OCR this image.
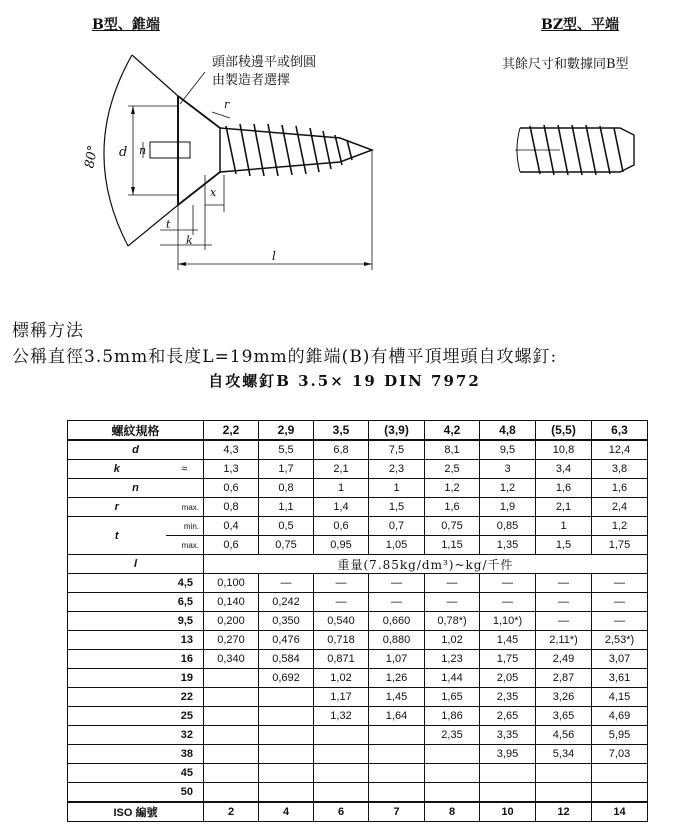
B型、錐端	BZ型、平端
頭部稜邊平或倒圓
由製造者選擇
其餘尺寸和數據同B型
80° d n
r
x
t
k
l
標稱方法
公稱直徑3.5mm和長度L=19mm的錐端(B)有槽平頂埋頭自攻螺釘:
自攻螺釘B 3.5× 19 DIN 7972
螺紋規格		2,2	2,9	3,5	(3,9)	4,2	4,8	(5,5)	6,3
d		4,3	5,5	6,8	7,5	8,1	9,5	10,8	12,4
k	≈	1,3	1,7	2,1	2,3	2,5	3	3,4	3,8
n		0,6	0,8	1	1	1,2	1,2	1,6	1,6
r	max.	0,8	1,1	1,4	1,5	1,6	1,9	2,1	2,4
t	min.	0,4	0,5	0,6	0,7	0,75	0,85	1	1,2
	max.	0,6	0,75	0,95	1,05	1,15	1,35	1,5	1,75
l		重量(7.85kg/dm³)~kg/千件							
4,5		0,100	—	—	—	—	—	—	—
6,5		0,140	0,242	—	—	—	—	—	—
9,5		0,200	0,350	0,540	0,660	0,78*)	1,10*)	—	—
13		0,270	0,476	0,718	0,880	1,02	1,45	2,11*)	2,53*)
16		0,340	0,584	0,871	1,07	1,23	1,75	2,49	3,07
19			0,692	1,02	1,26	1,44	2,05	2,87	3,61
22				1,17	1,45	1,65	2,35	3,26	4,15
25				1,32	1,64	1,86	2,65	3,65	4,69
32						2,35	3,35	4,56	5,95
38							3,95	5,34	7,03
45									
50									
ISO 編號		2	4	6	7	8	10	12	14
